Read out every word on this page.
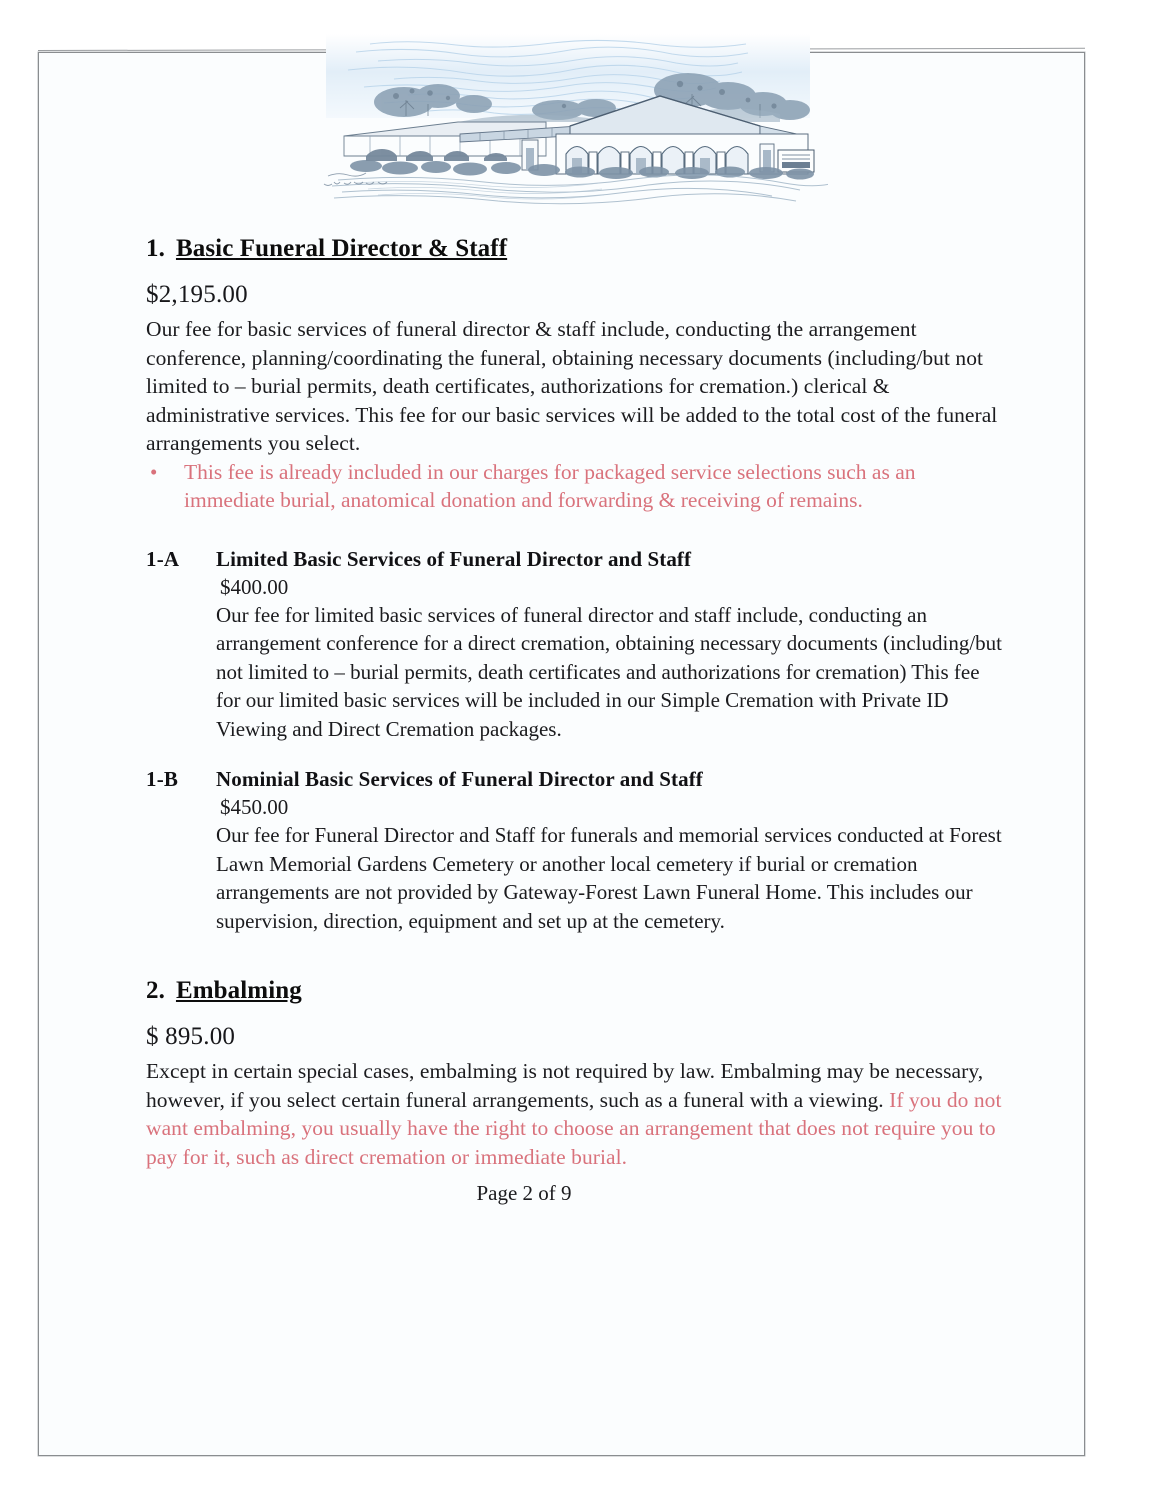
1. Basic Funeral Director & Staff

$2,195.00

Our fee for basic services of funeral director & staff include, conducting the arrangement conference, planning/coordinating the funeral, obtaining necessary documents (including/but not limited to – burial permits, death certificates, authorizations for cremation.) clerical & administrative services. This fee for our basic services will be added to the total cost of the funeral arrangements you select.

•	This fee is already included in our charges for packaged service selections such as an immediate burial, anatomical donation and forwarding & receiving of remains.
1-A	Limited Basic Services of Funeral Director and Staff

$400.00

Our fee for limited basic services of funeral director and staff include, conducting an arrangement conference for a direct cremation, obtaining necessary documents (including/but not limited to – burial permits, death certificates and authorizations for cremation) This fee for our limited basic services will be included in our Simple Cremation with Private ID Viewing and Direct Cremation packages.

1-B	Nominial Basic Services of Funeral Director and Staff

$450.00

Our fee for Funeral Director and Staff for funerals and memorial services conducted at Forest Lawn Memorial Gardens Cemetery or another local cemetery if burial or cremation arrangements are not provided by Gateway-Forest Lawn Funeral Home. This includes our supervision, direction, equipment and set up at the cemetery.

2. Embalming

$ 895.00

Except in certain special cases, embalming is not required by law. Embalming may be necessary, however, if you select certain funeral arrangements, such as a funeral with a viewing. If you do not want embalming, you usually have the right to choose an arrangement that does not require you to pay for it, such as direct cremation or immediate burial.

Page 2 of 9
